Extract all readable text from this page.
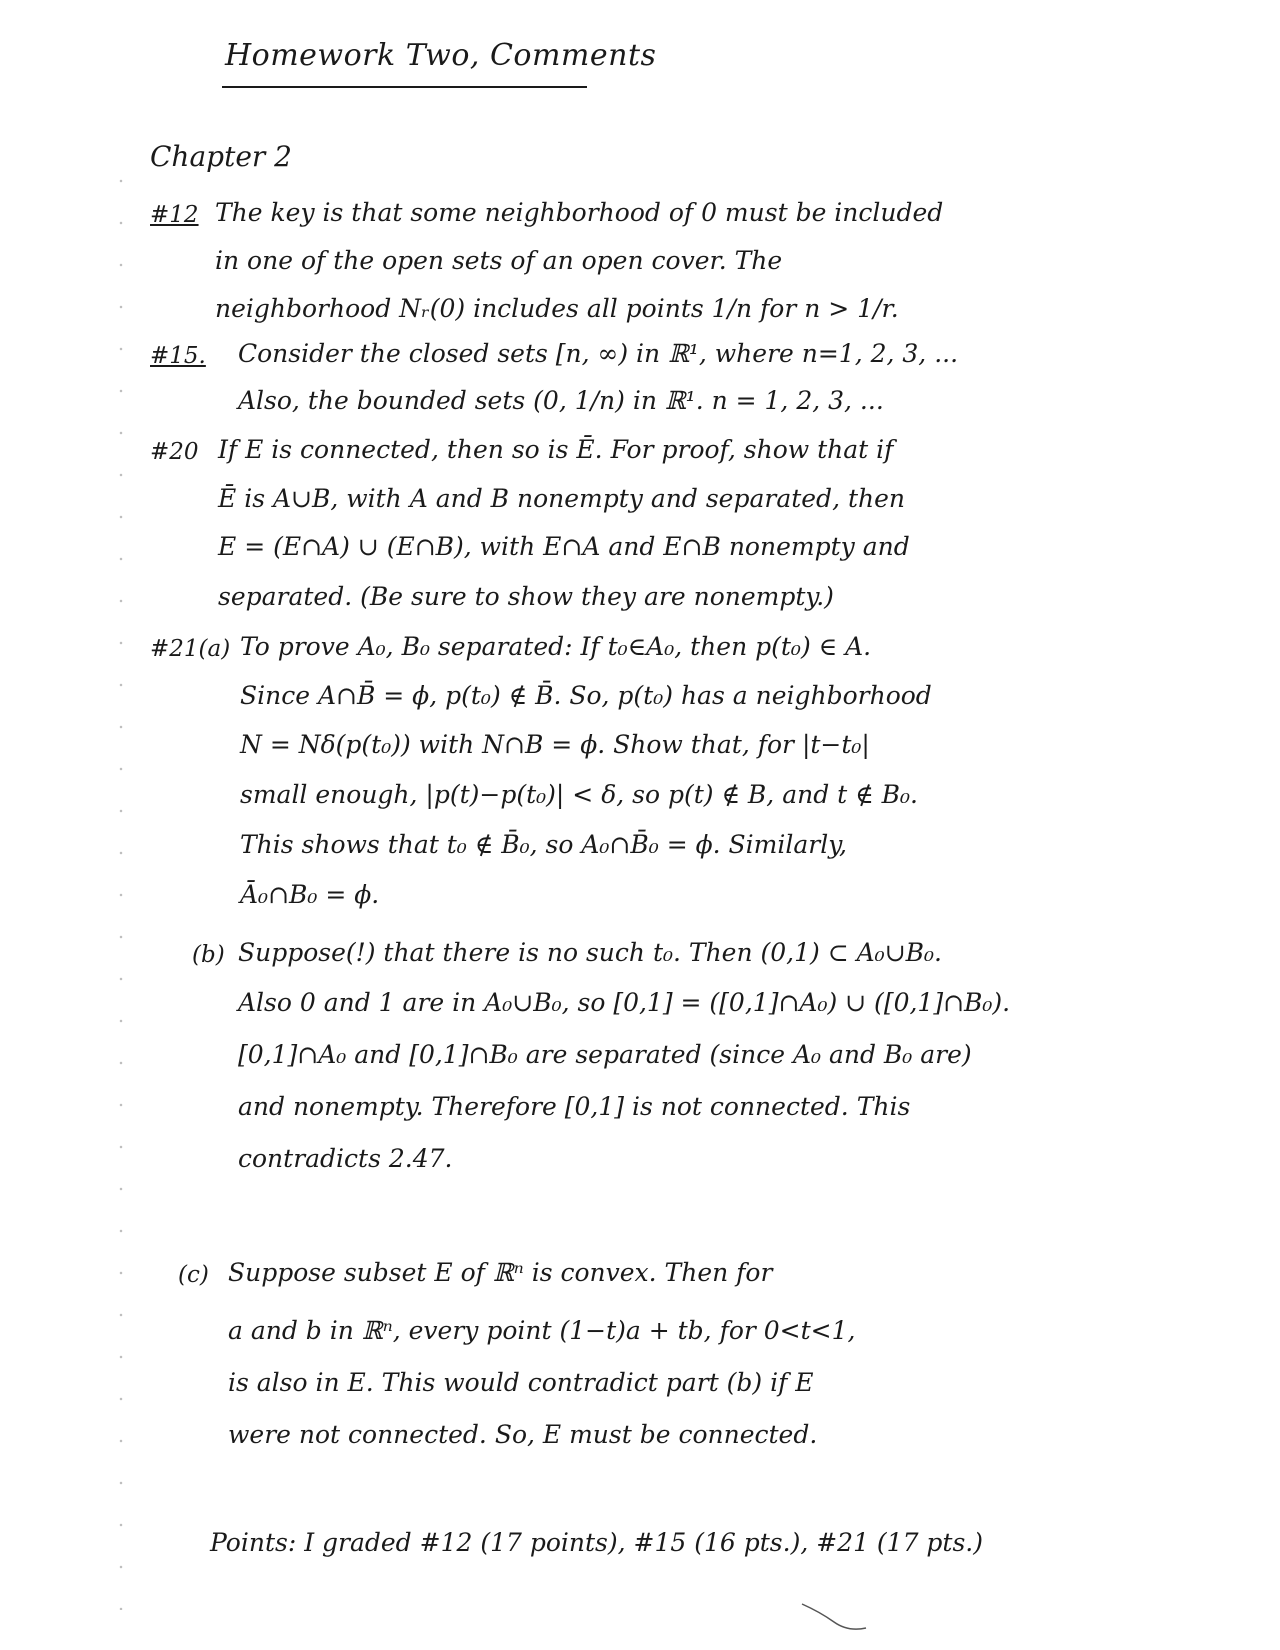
Homework Two, Comments
Chapter 2
#12 The key is that some neighborhood of 0 must be included
in one of the open sets of an open cover. The
neighborhood Nᵣ(0) includes all points 1/n for n > 1/r.
#15. Consider the closed sets [n, ∞) in ℝ¹, where n=1, 2, 3, ...
Also, the bounded sets (0, 1/n) in ℝ¹. n = 1, 2, 3, ...
#20 If E is connected, then so is Ē. For proof, show that if
Ē is A∪B, with A and B nonempty and separated, then
E = (E∩A) ∪ (E∩B), with E∩A and E∩B nonempty and
separated. (Be sure to show they are nonempty.)
#21(a) To prove A₀, B₀ separated: If t₀∈A₀, then p(t₀) ∈ A.
Since A∩B̄ = ϕ, p(t₀) ∉ B̄. So, p(t₀) has a neighborhood
N = Nδ(p(t₀)) with N∩B = ϕ. Show that, for |t−t₀|
small enough, |p(t)−p(t₀)| < δ, so p(t) ∉ B, and t ∉ B₀.
This shows that t₀ ∉ B̄₀, so A₀∩B̄₀ = ϕ. Similarly,
Ā₀∩B₀ = ϕ.
(b) Suppose(!) that there is no such t₀. Then (0,1) ⊂ A₀∪B₀.
Also 0 and 1 are in A₀∪B₀, so [0,1] = ([0,1]∩A₀) ∪ ([0,1]∩B₀).
[0,1]∩A₀ and [0,1]∩B₀ are separated (since A₀ and B₀ are)
and nonempty. Therefore [0,1] is not connected. This
contradicts 2.47.
(c) Suppose subset E of ℝⁿ is convex. Then for
a and b in ℝⁿ, every point (1−t)a + tb, for 0<t<1,
is also in E. This would contradict part (b) if E
were not connected. So, E must be connected.
Points: I graded #12 (17 points), #15 (16 pts.), #21 (17 pts.)
